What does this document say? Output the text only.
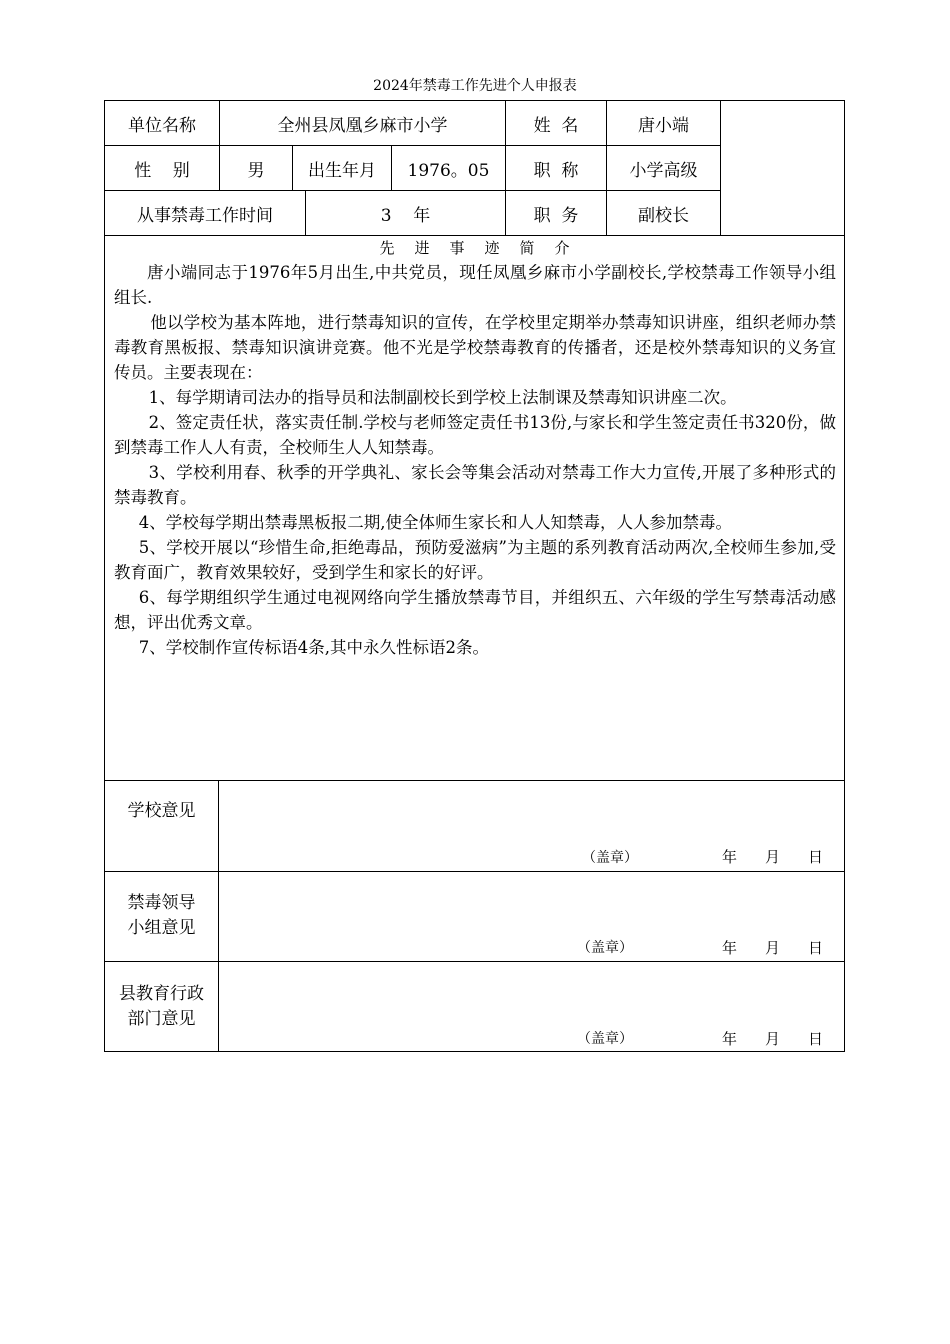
2024年禁毒工作先进个人申报表
单位名称	全州县凤凰乡麻市小学	姓  名	唐小端
性    别	男	出生年月	1976。05	职  称	小学高级
从事禁毒工作时间	3    年	职  务	副校长
先 进 事 迹 简 介

唐小端同志于1976年5月出生,中共党员，现任凤凰乡麻市小学副校长,学校禁毒工作领导小组组长.

他以学校为基本阵地，进行禁毒知识的宣传，在学校里定期举办禁毒知识讲座，组织老师办禁毒教育黑板报、禁毒知识演讲竞赛。他不光是学校禁毒教育的传播者，还是校外禁毒知识的义务宣传员。主要表现在：

1、每学期请司法办的指导员和法制副校长到学校上法制课及禁毒知识讲座二次。

2、签定责任状，落实责任制.学校与老师签定责任书13份,与家长和学生签定责任书320份，做到禁毒工作人人有责，全校师生人人知禁毒。

3、学校利用春、秋季的开学典礼、家长会等集会活动对禁毒工作大力宣传,开展了多种形式的禁毒教育。

4、学校每学期出禁毒黑板报二期,使全体师生家长和人人知禁毒，人人参加禁毒。

5、学校开展以“珍惜生命,拒绝毒品，预防爱滋病”为主题的系列教育活动两次,全校师生参加,受教育面广，教育效果较好，受到学生和家长的好评。

6、每学期组织学生通过电视网络向学生播放禁毒节目，并组织五、六年级的学生写禁毒活动感想，评出优秀文章。

7、学校制作宣传标语4条,其中永久性标语2条。

学校意见
（盖章）	年 月 日
禁毒领导
小组意见
（盖章）	年 月 日
县教育行政
部门意见
（盖章）	年 月 日
